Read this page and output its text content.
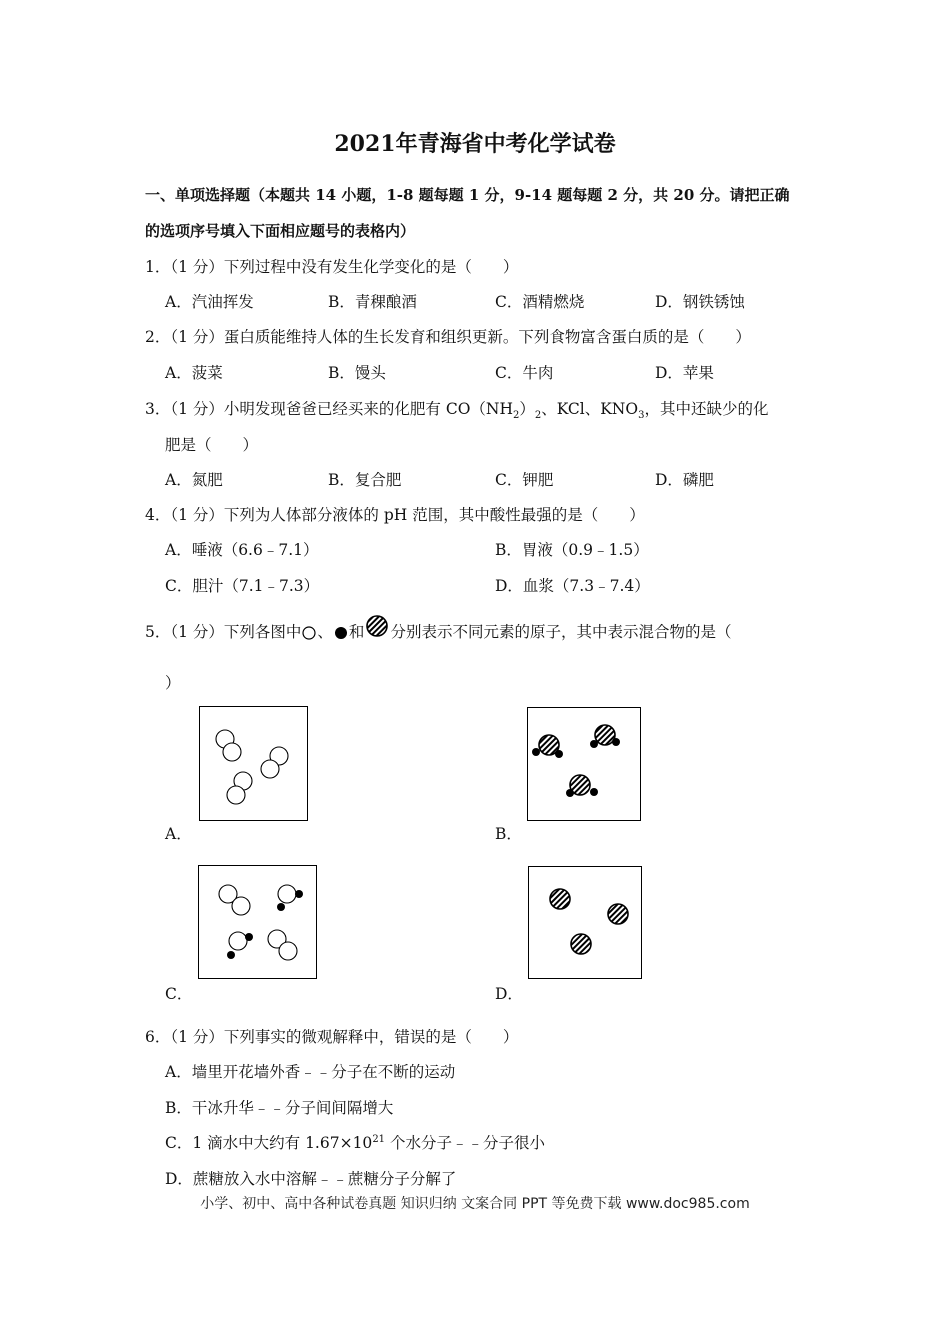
2021年青海省中考化学试卷
一、单项选择题（本题共 14 小题，1-8 题每题 1 分，9-14 题每题 2 分，共 20 分。请把正确
的选项序号填入下面相应题号的表格内）
1．（1 分）下列过程中没有发生化学变化的是（　　）
A．汽油挥发	B．青稞酿酒	C．酒精燃烧	D．钢铁锈蚀
2．（1 分）蛋白质能维持人体的生长发育和组织更新。下列食物富含蛋白质的是（　　）
A．菠菜	B．馒头	C．牛肉	D．苹果
3．（1 分）小明发现爸爸已经买来的化肥有 $CO(NH_2)_2$、KCl、$KNO_3$，其中还缺少的化
肥是（　　）
A．氮肥	B．复合肥	C．钾肥	D．磷肥
4．（1 分）下列为人体部分液体的 pH 范围，其中酸性最强的是（　　）
A．唾液（6.6﹣7.1）	B．胃液（0.9﹣1.5）
C．胆汁（7.1﹣7.3）	D．血浆（7.3﹣7.4）
5．（1 分）下列各图中 、 和 分别表示不同元素的原子，其中表示混合物的是（
）
A．	B．
C．	D．
6．（1 分）下列事实的微观解释中，错误的是（　　）
A．墙里开花墙外香﹣﹣分子在不断的运动
B．干冰升华﹣﹣分子间间隔增大
C．1 滴水中大约有 $1.67\times 10^{21}$ 个水分子﹣﹣分子很小
D．蔗糖放入水中溶解﹣﹣蔗糖分子分解了
小学、初中、高中各种试卷真题 知识归纳 文案合同 PPT 等免费下载 www.doc985.com
